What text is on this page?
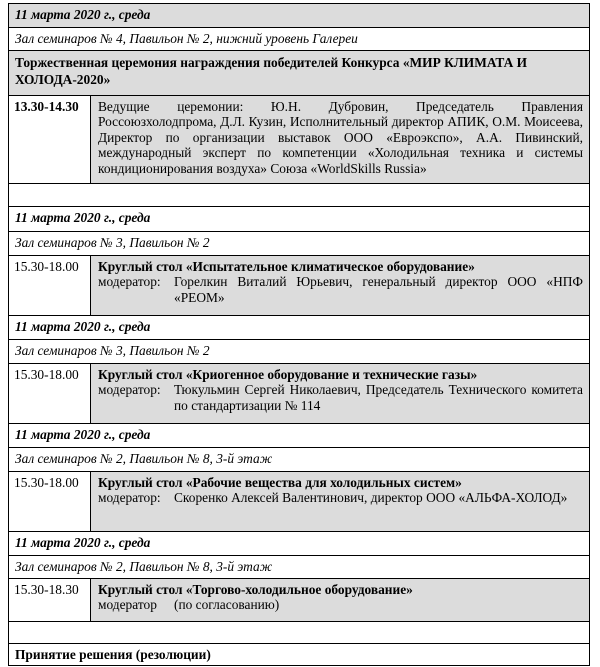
11 марта 2020 г., среда
Зал семинаров № 4, Павильон № 2, нижний уровень Галереи
Торжественная церемония награждения победителей Конкурса «МИР КЛИМАТА И ХОЛОДА-2020»
13.30-14.30	Ведущие церемонии: Ю.Н. Дубровин, Председатель Правления Россоюзхолодпрома, Д.Л. Кузин, Исполнительный директор АПИК, О.М. Моисеева, Директор по организации выставок ООО «Евроэкспо», А.А. Пивинский, международный эксперт по компетенции «Холодильная техника и системы кондиционирования воздуха» Союза «WorldSkills Russia»
11 марта 2020 г., среда
Зал семинаров № 3, Павильон № 2
15.30-18.00	Круглый стол «Испытательное климатическое оборудование»
модератор: Горелкин Виталий Юрьевич, генеральный директор ООО «НПФ «РЕОМ»
11 марта 2020 г., среда
Зал семинаров № 3, Павильон № 2
15.30-18.00	Круглый стол «Криогенное оборудование и технические газы»
модератор: Тюкульмин Сергей Николаевич, Председатель Технического комитета по стандартизации № 114
11 марта 2020 г., среда
Зал семинаров № 2, Павильон № 8, 3-й этаж
15.30-18.00	Круглый стол «Рабочие вещества для холодильных систем»
модератор: Скоренко Алексей Валентинович, директор ООО «АЛЬФА-ХОЛОД»
11 марта 2020 г., среда
Зал семинаров № 2, Павильон № 8, 3-й этаж
15.30-18.30	Круглый стол «Торгово-холодильное оборудование»
модератор	(по согласованию)
Принятие решения (резолюции)
